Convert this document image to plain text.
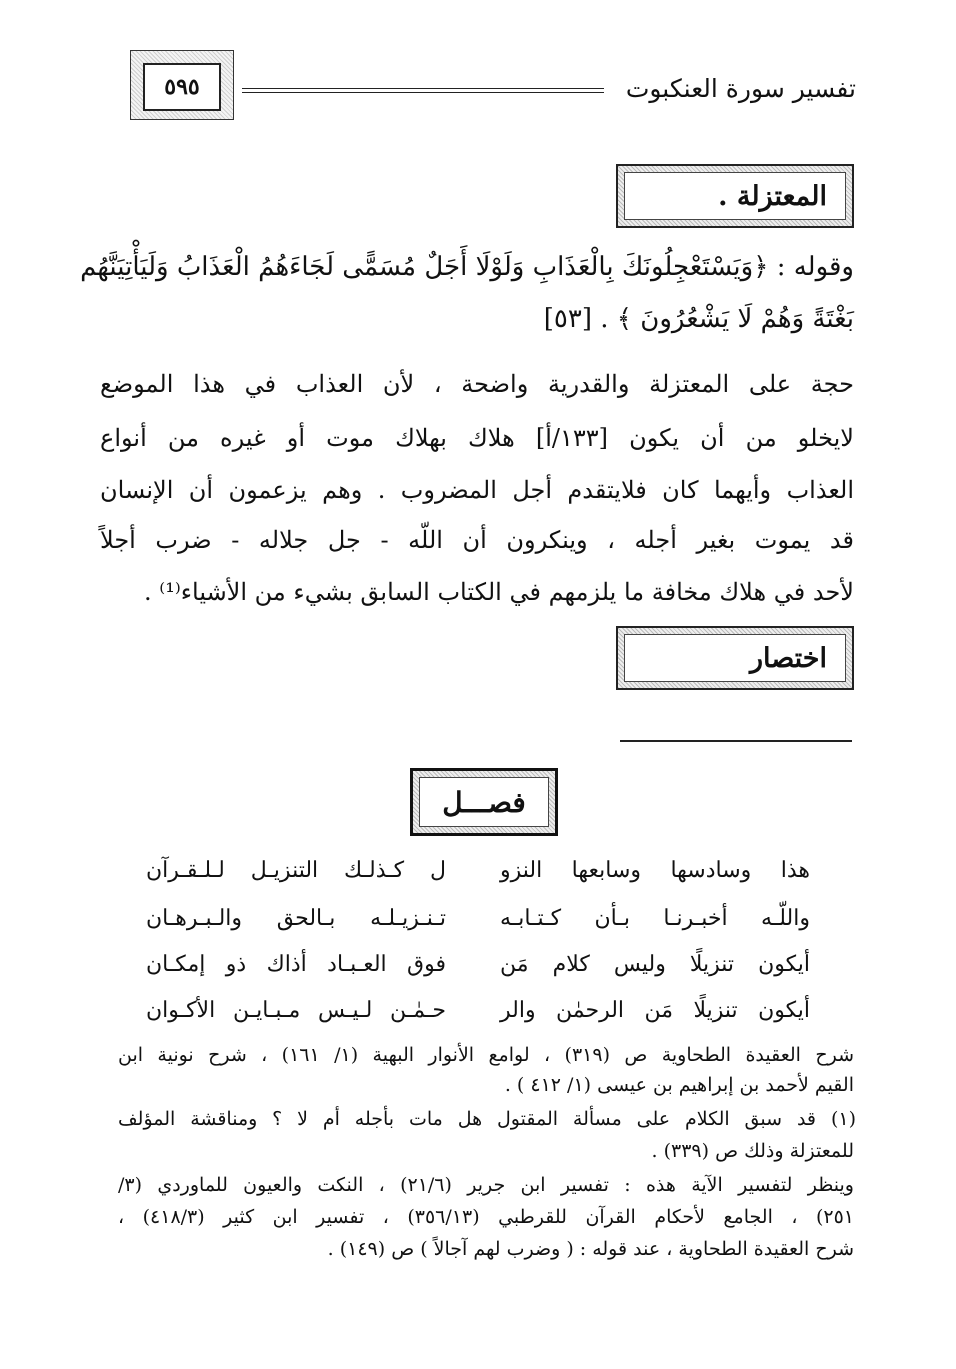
تفسير سورة العنكبوت
٥٩٥
المعتزلة .
وقوله : ﴿وَيَسْتَعْجِلُونَكَ بِالْعَذَابِ وَلَوْلَا أَجَلٌ مُسَمًّى لَجَاءَهُمُ الْعَذَابُ وَلَيَأْتِيَنَّهُم
بَغْتَةً وَهُمْ لَا يَشْعُرُونَ ﴾ . [٥٣]
حجة على المعتزلة والقدرية واضحة ، لأن العذاب في هذا الموضع
لايخلو من أن يكون [١٣٣/أ] هلاك بهلاك موت أو غيره من أنواع
العذاب وأيهما كان فلايتقدم أجل المضروب . وهم يزعمون أن الإنسان
قد يموت بغير أجله ، وينكرون أن اللّه - جل جلاله - ضرب أجلاً
لأحد في هلاك مخافة ما يلزمهم في الكتاب السابق بشيء من الأشياء⁽¹⁾ .
اختصار
فصـــل
هذا وسادسها وسابعها النزو
ل كـذلـك التنزيـل لـلـقـرآن
واللّـه أخبـرنـا بـأن كـتـابـه
تـنـزيـلـه بـالحق والـبـرهـان
أيكون تنزيلًا وليس كلام مَن
فوق العـبـاد أذاك ذو إمكـان
أيكون تنزيلًا مَن الرحمٰن والر
حـمٰـن لـيـس مـبـايـن الأكـوان
شرح العقيدة الطحاوية ص (٣١٩) ، لوامع الأنوار البهية (١/ ١٦١) ، شرح نونية ابن
القيم لأحمد بن إبراهيم بن عيسى (١/ ٤١٢ ) .
(١)
قد سبق الكلام على مسألة المقتول هل مات بأجله أم لا ؟ ومناقشة المؤلف
للمعتزلة وذلك ص (٣٣٩) .
وينظر لتفسير الآية هذه : تفسير ابن جرير (٢١/٦) ، النكت والعيون للماوردي (٣/
٢٥١) ، الجامع لأحكام القرآن للقرطبي (٣٥٦/١٣) ، تفسير ابن كثير (٤١٨/٣) ،
شرح العقيدة الطحاوية ، عند قوله : ( وضرب لهم آجالاً ) ص (١٤٩) .
